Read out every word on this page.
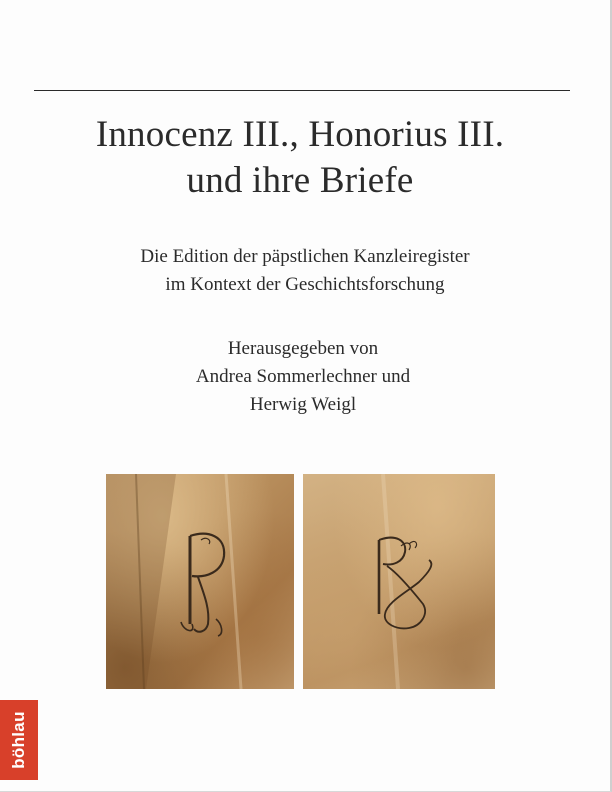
Innocenz III., Honorius III.
und ihre Briefe
Die Edition der päpstlichen Kanzleiregister
im Kontext der Geschichtsforschung
Herausgegeben von
Andrea Sommerlechner und
Herwig Weigl
böhlau
